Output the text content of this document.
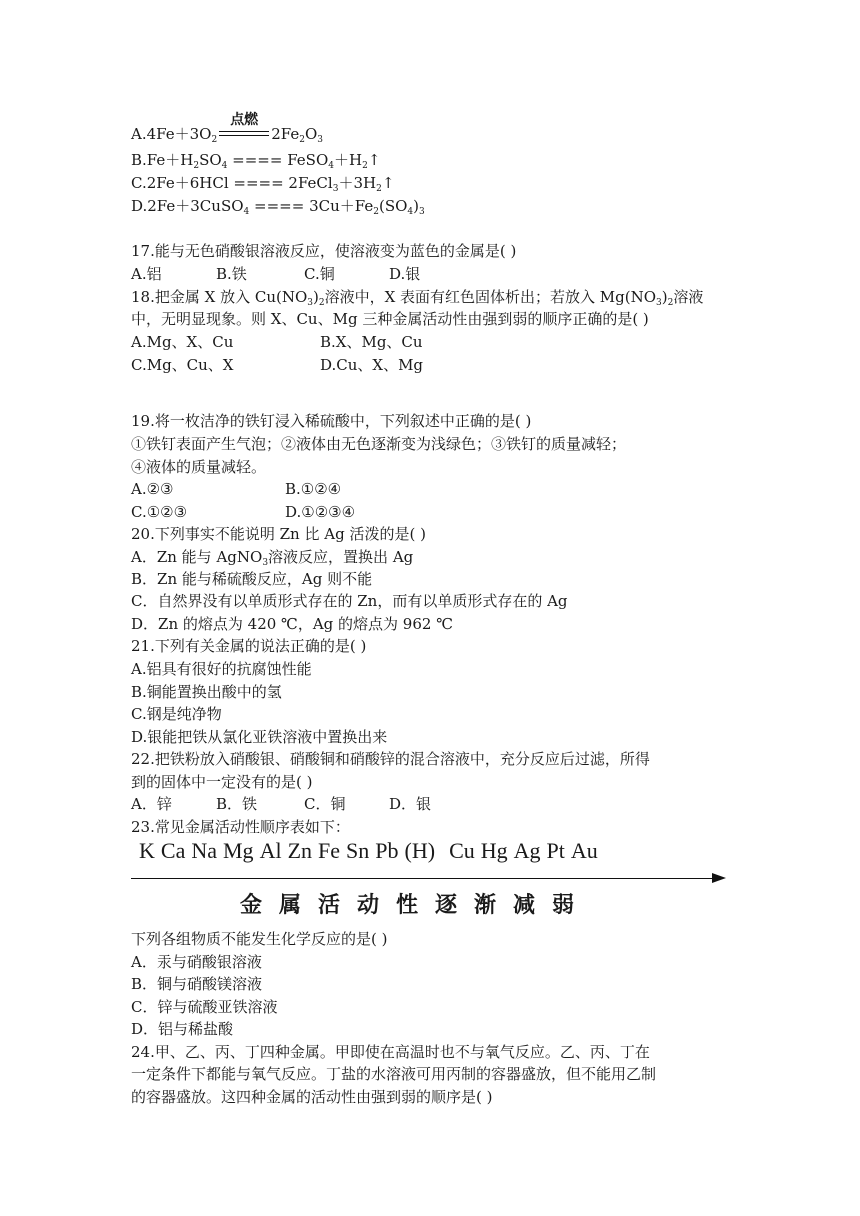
$A.4Fe+3O_2$
点燃
$2Fe_2O_3$
$B.Fe+H_2SO_4$ ==== $FeSO_4+H_2↑$
C.2Fe＋6HCl ==== $2FeCl_3+3H_2↑$
D.2Fe＋3CuSO$_4$ ==== $3Cu+Fe_2(SO_4)_3$
17.能与无色硝酸银溶液反应，使溶液变为蓝色的金属是( )
A.铝	B.铁	C.铜	D.银
18.把金属 X 放入 $Cu(NO_3)_2$溶液中，X 表面有红色固体析出；若放入 $Mg(NO_3)_2$溶液
中，无明显现象。则 X、Cu、Mg 三种金属活动性由强到弱的顺序正确的是( )
A.Mg、X、Cu	B.X、Mg、Cu
C.Mg、Cu、X	D.Cu、X、Mg
19.将一枚洁净的铁钉浸入稀硫酸中，下列叙述中正确的是( )
①铁钉表面产生气泡；②液体由无色逐渐变为浅绿色；③铁钉的质量减轻；
④液体的质量减轻。
A.②③	B.①②④
C.①②③	D.①②③④
20.下列事实不能说明 Zn 比 Ag 活泼的是( )
A．Zn 能与 AgNO$_3$溶液反应，置换出 Ag
B．Zn 能与稀硫酸反应，Ag 则不能
C．自然界没有以单质形式存在的 Zn，而有以单质形式存在的 Ag
D．Zn 的熔点为 420 ℃，Ag 的熔点为 962 ℃
21.下列有关金属的说法正确的是( )
A.铝具有很好的抗腐蚀性能
B.铜能置换出酸中的氢
C.钢是纯净物
D.银能把铁从氯化亚铁溶液中置换出来
22.把铁粉放入硝酸银、硝酸铜和硝酸锌的混合溶液中，充分反应后过滤，所得
到的固体中一定没有的是( )
A．锌	B．铁	C．铜	D．银
23.常见金属活动性顺序表如下：
K Ca Na Mg Al Zn Fe Sn Pb (H) Cu Hg Ag Pt Au
金属活动性逐渐减弱
下列各组物质不能发生化学反应的是( )
A．汞与硝酸银溶液
B．铜与硝酸镁溶液
C．锌与硫酸亚铁溶液
D．铝与稀盐酸
24.甲、乙、丙、丁四种金属。甲即使在高温时也不与氧气反应。乙、丙、丁在
一定条件下都能与氧气反应。丁盐的水溶液可用丙制的容器盛放，但不能用乙制
的容器盛放。这四种金属的活动性由强到弱的顺序是( )
